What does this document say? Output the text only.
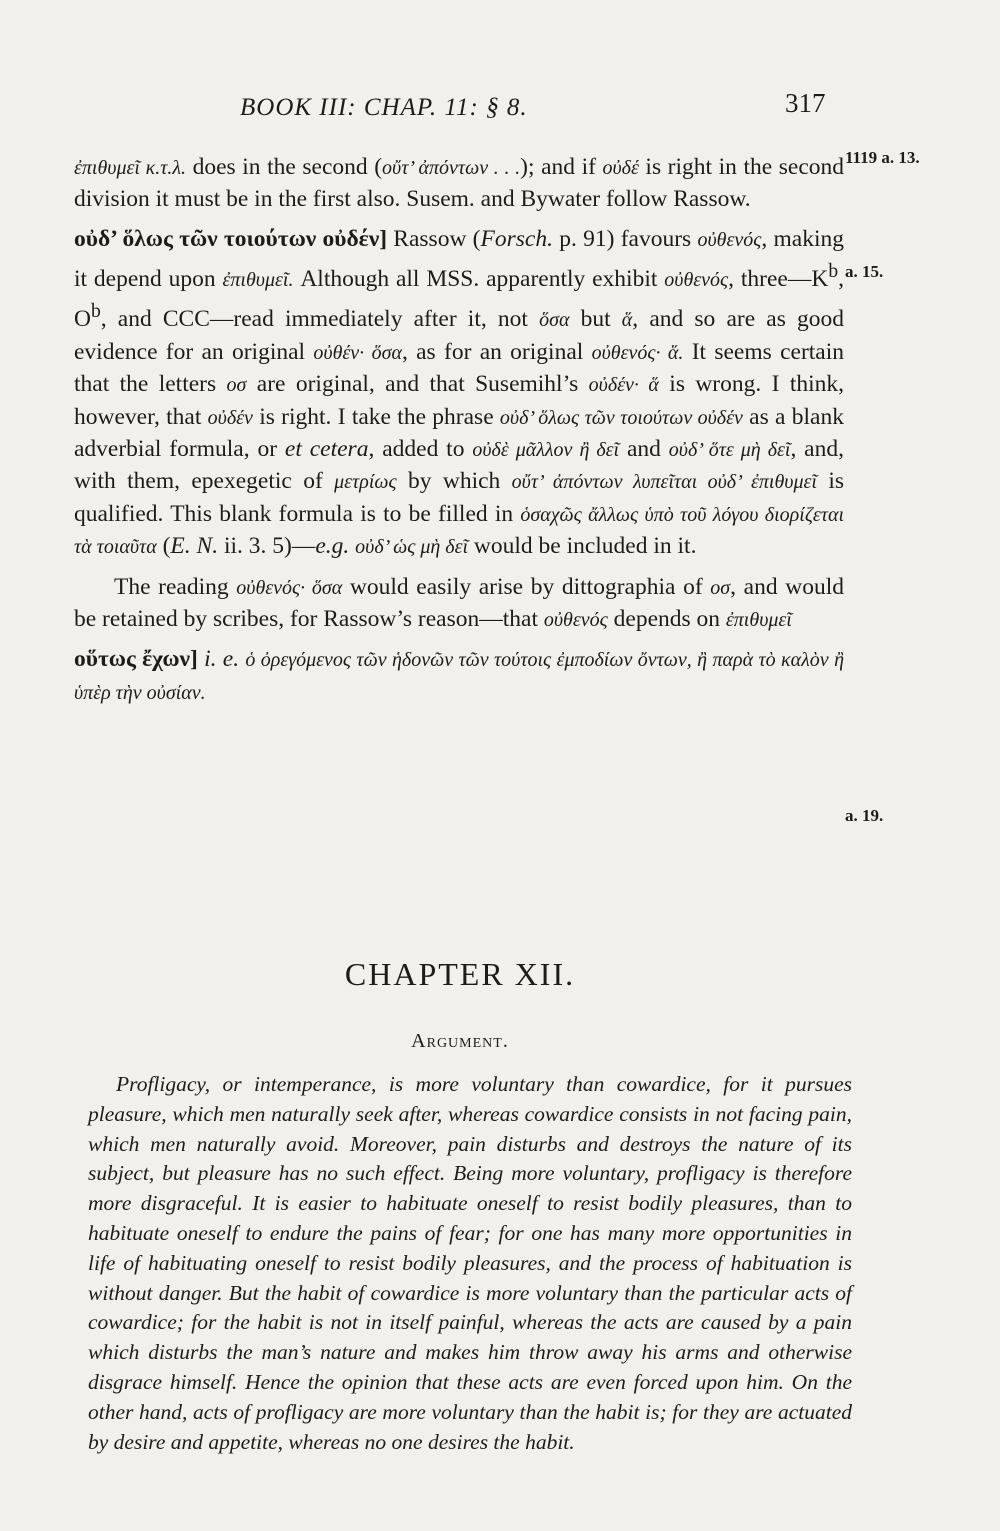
BOOK III: CHAP. 11: § 8.	317
1119 a. 13.
a. 15.
a. 19.

ἐπιθυμεῖ κ.τ.λ. does in the second (οὔτ’ ἀπόντων . . .); and if οὐδέ is right in the second division it must be in the first also. Susem. and Bywater follow Rassow.

οὐδ’ ὅλως τῶν τοιούτων οὐδέν] Rassow (Forsch. p. 91) favours οὐθενός, making it depend upon ἐπιθυμεῖ. Although all MSS. apparently exhibit οὐθενός, $three—K^b$, $O^b$, and CCC—read immediately after it, not ὅσα but ἅ, and so are as good evidence for an original οὐθέν· ὅσα, as for an original οὐθενός· ἅ. It seems certain that the letters οσ are original, and that Susemihl’s οὐδέν· ἅ is wrong. I think, however, that οὐδέν is right. I take the phrase οὐδ’ ὅλως τῶν τοιούτων οὐδέν as a blank adverbial formula, or et cetera, added to οὐδὲ μᾶλλον ἢ δεῖ and οὐδ’ ὅτε μὴ δεῖ, and, with them, epexegetic of μετρίως by which οὔτ’ ἀπόντων λυπεῖται οὐδ’ ἐπιθυμεῖ is qualified. This blank formula is to be filled in ὁσαχῶς ἄλλως ὑπὸ τοῦ λόγου διορίζεται τὰ τοιαῦτα (E. N. ii. 3. 5)—e.g. οὐδ’ ὡς μὴ δεῖ would be included in it.

The reading οὐθενός· ὅσα would easily arise by dittographia of οσ, and would be retained by scribes, for Rassow’s reason—that οὐθενός depends on ἐπιθυμεῖ

οὕτως ἔχων] i. e. ὁ ὀρεγόμενος τῶν ἡδονῶν τῶν τούτοις ἐμποδίων ὄντων, ἢ παρὰ τὸ καλὸν ἢ ὑπὲρ τὴν οὐσίαν.

CHAPTER XII.
Argument.

Profligacy, or intemperance, is more voluntary than cowardice, for it pursues pleasure, which men naturally seek after, whereas cowardice consists in not facing pain, which men naturally avoid. Moreover, pain disturbs and destroys the nature of its subject, but pleasure has no such effect. Being more voluntary, profligacy is therefore more disgraceful. It is easier to habituate oneself to resist bodily pleasures, than to habituate oneself to endure the pains of fear; for one has many more opportunities in life of habituating oneself to resist bodily pleasures, and the process of habituation is without danger. But the habit of cowardice is more voluntary than the particular acts of cowardice; for the habit is not in itself painful, whereas the acts are caused by a pain which disturbs the man’s nature and makes him throw away his arms and otherwise disgrace himself. Hence the opinion that these acts are even forced upon him. On the other hand, acts of profligacy are more voluntary than the habit is; for they are actuated by desire and appetite, whereas no one desires the habit.
